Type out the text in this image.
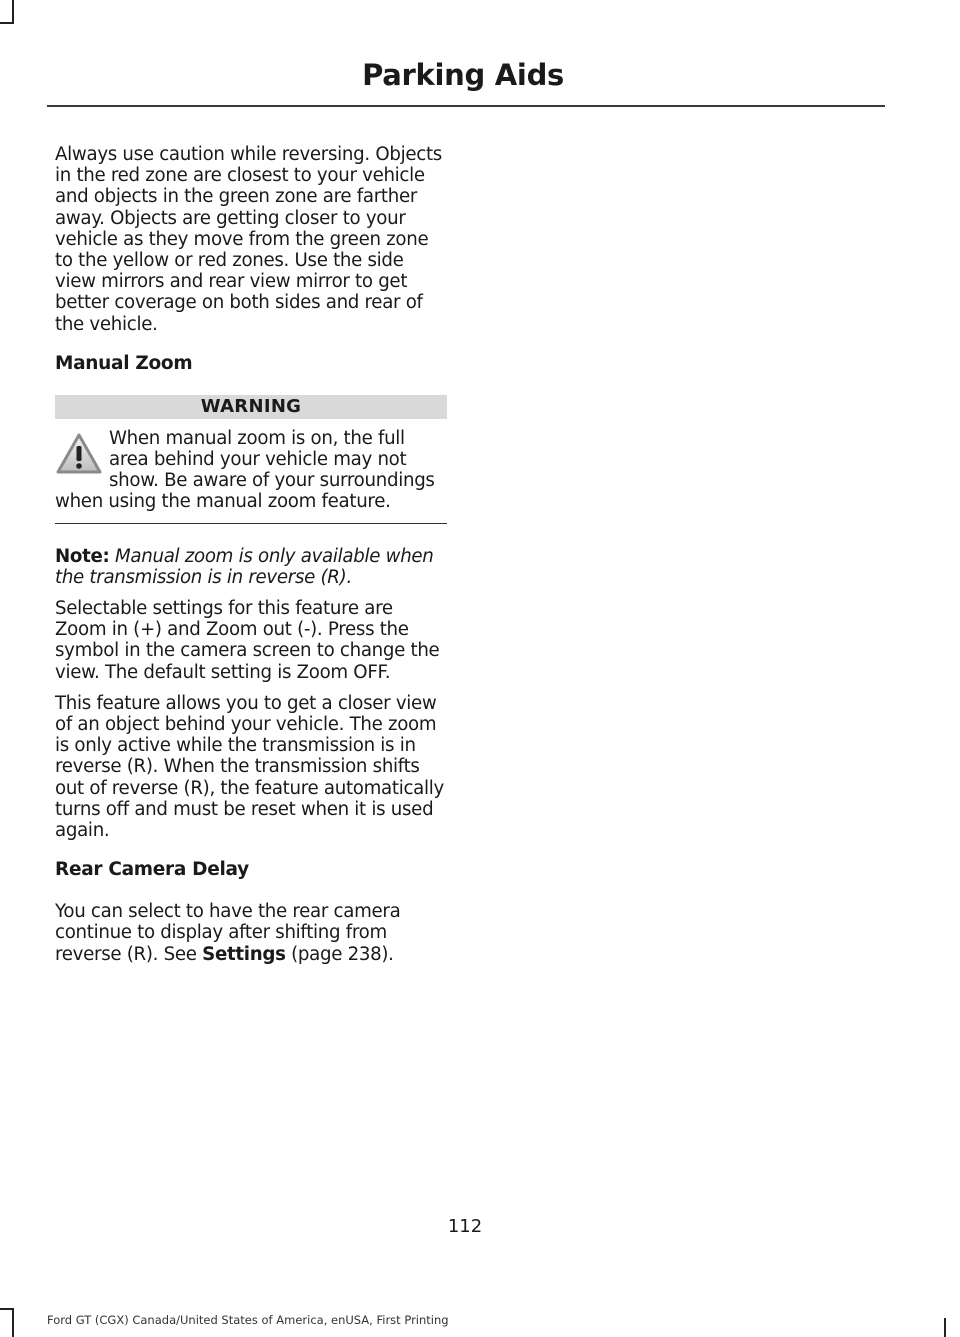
Parking Aids

Always use caution while reversing. Objects in the red zone are closest to your vehicle and objects in the green zone are farther away. Objects are getting closer to your vehicle as they move from the green zone to the yellow or red zones. Use the side view mirrors and rear view mirror to get better coverage on both sides and rear of the vehicle.

Manual Zoom
WARNING
When manual zoom is on, the full area behind your vehicle may not show. Be aware of your surroundings when using the manual zoom feature.

Note: Manual zoom is only available when the transmission is in reverse (R).

Selectable settings for this feature are Zoom in (+) and Zoom out (-). Press the symbol in the camera screen to change the view. The default setting is Zoom OFF.

This feature allows you to get a closer view of an object behind your vehicle. The zoom is only active while the transmission is in reverse (R). When the transmission shifts out of reverse (R), the feature automatically turns off and must be reset when it is used again.

Rear Camera Delay

You can select to have the rear camera continue to display after shifting from reverse (R). See Settings (page 238).

112
Ford GT (CGX) Canada/United States of America, enUSA, First Printing
